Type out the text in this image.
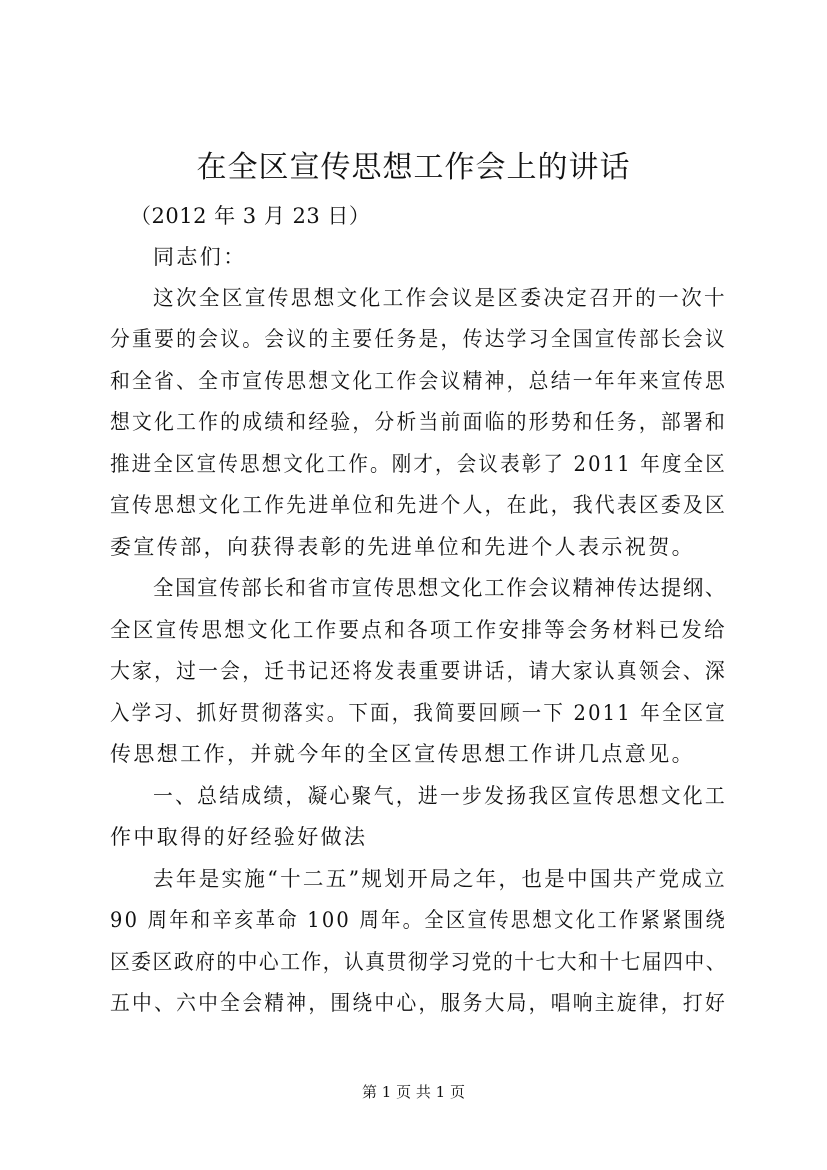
在全区宣传思想工作会上的讲话

（2012 年 3 月 23 日）

同志们：

这次全区宣传思想文化工作会议是区委决定召开的一次十

分重要的会议。会议的主要任务是，传达学习全国宣传部长会议

和全省、全市宣传思想文化工作会议精神，总结一年年来宣传思

想文化工作的成绩和经验，分析当前面临的形势和任务，部署和

推进全区宣传思想文化工作。刚才，会议表彰了 2011 年度全区

宣传思想文化工作先进单位和先进个人，在此，我代表区委及区

委宣传部，向获得表彰的先进单位和先进个人表示祝贺。

全国宣传部长和省市宣传思想文化工作会议精神传达提纲、

全区宣传思想文化工作要点和各项工作安排等会务材料已发给

大家，过一会，迁书记还将发表重要讲话，请大家认真领会、深

入学习、抓好贯彻落实。下面，我简要回顾一下 2011 年全区宣

传思想工作，并就今年的全区宣传思想工作讲几点意见。

一、总结成绩，凝心聚气，进一步发扬我区宣传思想文化工

作中取得的好经验好做法

去年是实施“十二五”规划开局之年，也是中国共产党成立

90 周年和辛亥革命 100 周年。全区宣传思想文化工作紧紧围绕

区委区政府的中心工作，认真贯彻学习党的十七大和十七届四中、

五中、六中全会精神，围绕中心，服务大局，唱响主旋律，打好

第 1 页 共 1 页
